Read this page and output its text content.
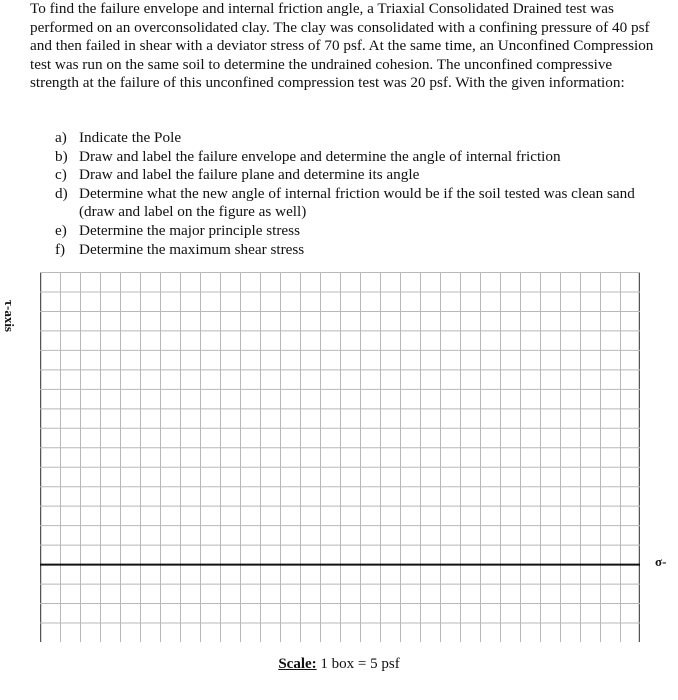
To find the failure envelope and internal friction angle, a Triaxial Consolidated Drained test was performed on an overconsolidated clay. The clay was consolidated with a confining pressure of 40 psf and then failed in shear with a deviator stress of 70 psf. At the same time, an Unconfined Compression test was run on the same soil to determine the undrained cohesion. The unconfined compressive strength at the failure of this unconfined compression test was 20 psf. With the given information:

a) Indicate the Pole
b) Draw and label the failure envelope and determine the angle of internal friction
c) Draw and label the failure plane and determine its angle
d) Determine what the new angle of internal friction would be if the soil tested was clean sand (draw and label on the figure as well)
e) Determine the major principle stress
f) Determine the maximum shear stress
τ-axis
σ-
Scale: 1 box = 5 psf
